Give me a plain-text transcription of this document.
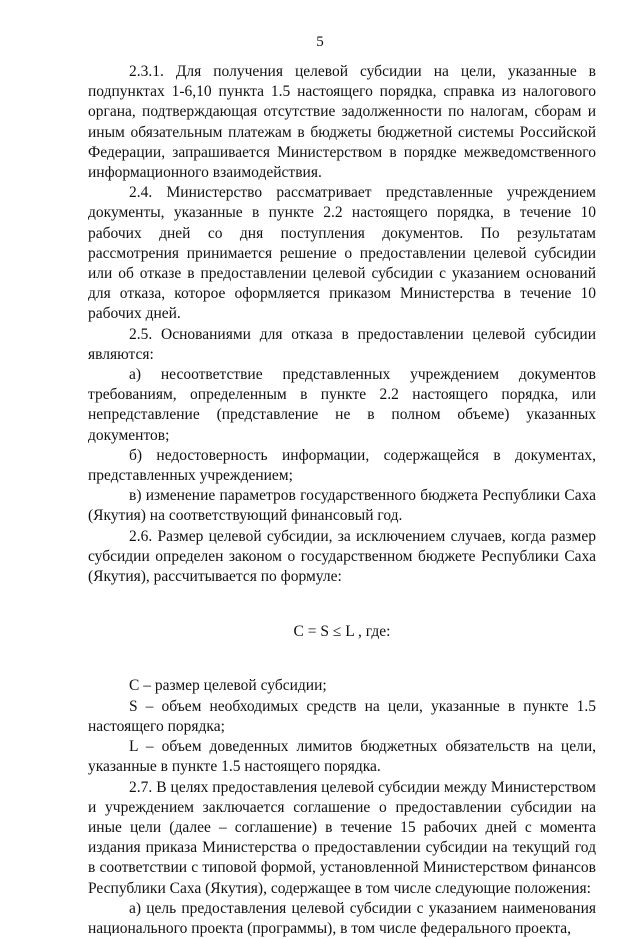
5

2.3.1. Для получения целевой субсидии на цели, указанные в подпунктах 1-6,10 пункта 1.5 настоящего порядка, справка из налогового органа, подтверждающая отсутствие задолженности по налогам, сборам и иным обязательным платежам в бюджеты бюджетной системы Российской Федерации, запрашивается Министерством в порядке межведомственного информационного взаимодействия.

2.4. Министерство рассматривает представленные учреждением документы, указанные в пункте 2.2 настоящего порядка, в течение 10 рабочих дней со дня поступления документов. По результатам рассмотрения принимается решение о предоставлении целевой субсидии или об отказе в предоставлении целевой субсидии с указанием оснований для отказа, которое оформляется приказом Министерства в течение 10 рабочих дней.

2.5. Основаниями для отказа в предоставлении целевой субсидии являются:

а) несоответствие представленных учреждением документов требованиям, определенным в пункте 2.2 настоящего порядка, или непредставление (представление не в полном объеме) указанных документов;

б) недостоверность информации, содержащейся в документах, представленных учреждением;

в) изменение параметров государственного бюджета Республики Саха (Якутия) на соответствующий финансовый год.

2.6. Размер целевой субсидии, за исключением случаев, когда размер субсидии определен законом о государственном бюджете Республики Саха (Якутия), рассчитывается по формуле:

C = S ≤ L , где:

C – размер целевой субсидии;

S – объем необходимых средств на цели, указанные в пункте 1.5 настоящего порядка;

L – объем доведенных лимитов бюджетных обязательств на цели, указанные в пункте 1.5 настоящего порядка.

2.7. В целях предоставления целевой субсидии между Министерством и учреждением заключается соглашение о предоставлении субсидии на иные цели (далее – соглашение) в течение 15 рабочих дней с момента издания приказа Министерства о предоставлении субсидии на текущий год в соответствии с типовой формой, установленной Министерством финансов Республики Саха (Якутия), содержащее в том числе следующие положения:

а) цель предоставления целевой субсидии с указанием наименования национального проекта (программы), в том числе федерального проекта,
